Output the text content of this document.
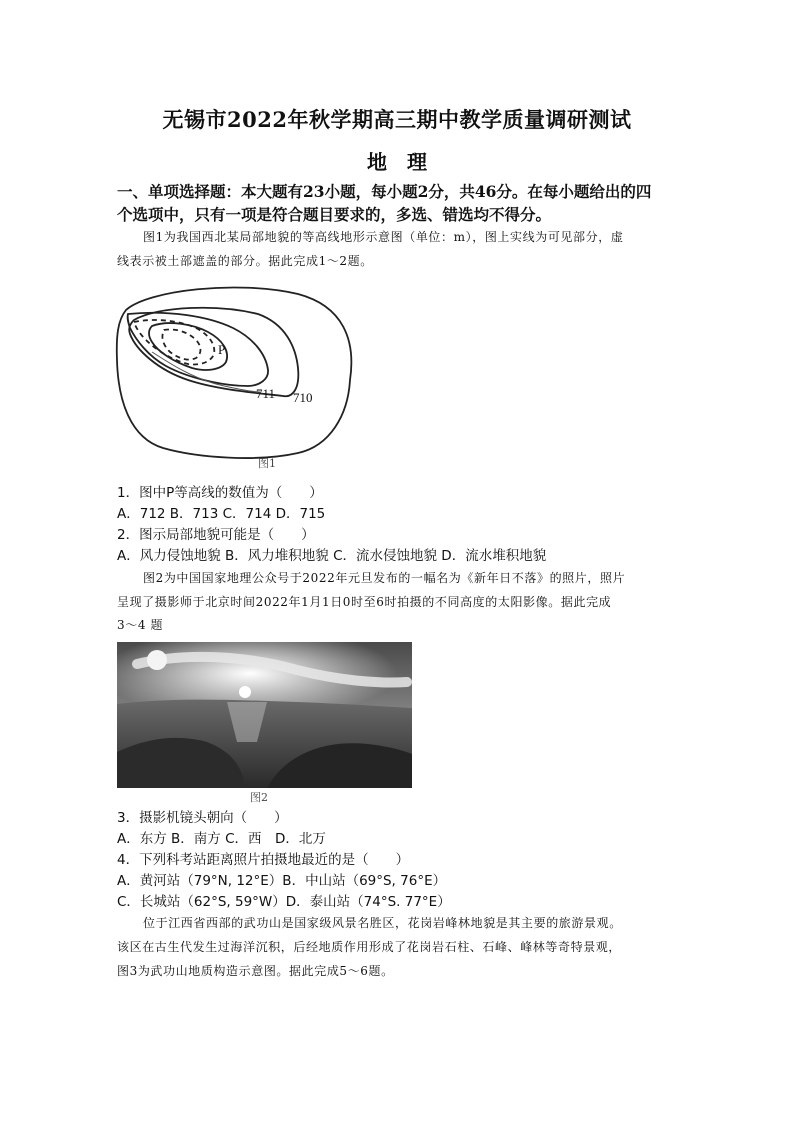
无锡市2022年秋学期高三期中教学质量调研测试
地　理
一、单项选择题：本大题有23小题，每小题2分，共46分。在每小题给出的四
个选项中，只有一项是符合题目要求的，多选、错选均不得分。
图1为我国西北某局部地貌的等高线地形示意图（单位：m），图上实线为可见部分，虚
线表示被土部遮盖的部分。据此完成1～2题。
P
711 710
图1
1．图中P等高线的数值为（　　）
A．712 B．713 C．714 D．715
2．图示局部地貌可能是（　　）
A．风力侵蚀地貌 B．风力堆积地貌 C．流水侵蚀地貌 D．流水堆积地貌
图2为中国国家地理公众号于2022年元旦发布的一幅名为《新年日不落》的照片，照片
呈现了摄影师于北京时间2022年1月1日0时至6时拍摄的不同高度的太阳影像。据此完成
3～4 题
图2
3．摄影机镜头朝向（　　）
A．东方 B．南方 C．西　D．北万
4．下列科考站距离照片拍摄地最近的是（　　）
A．黄河站（79°N, 12°E）B．中山站（69°S, 76°E）
C．长城站（62°S, 59°W）D．泰山站（74°S. 77°E）
位于江西省西部的武功山是国家级风景名胜区，花岗岩峰林地貌是其主要的旅游景观。
该区在古生代发生过海洋沉积，后经地质作用形成了花岗岩石柱、石峰、峰林等奇特景观，
图3为武功山地质构造示意图。据此完成5～6题。
